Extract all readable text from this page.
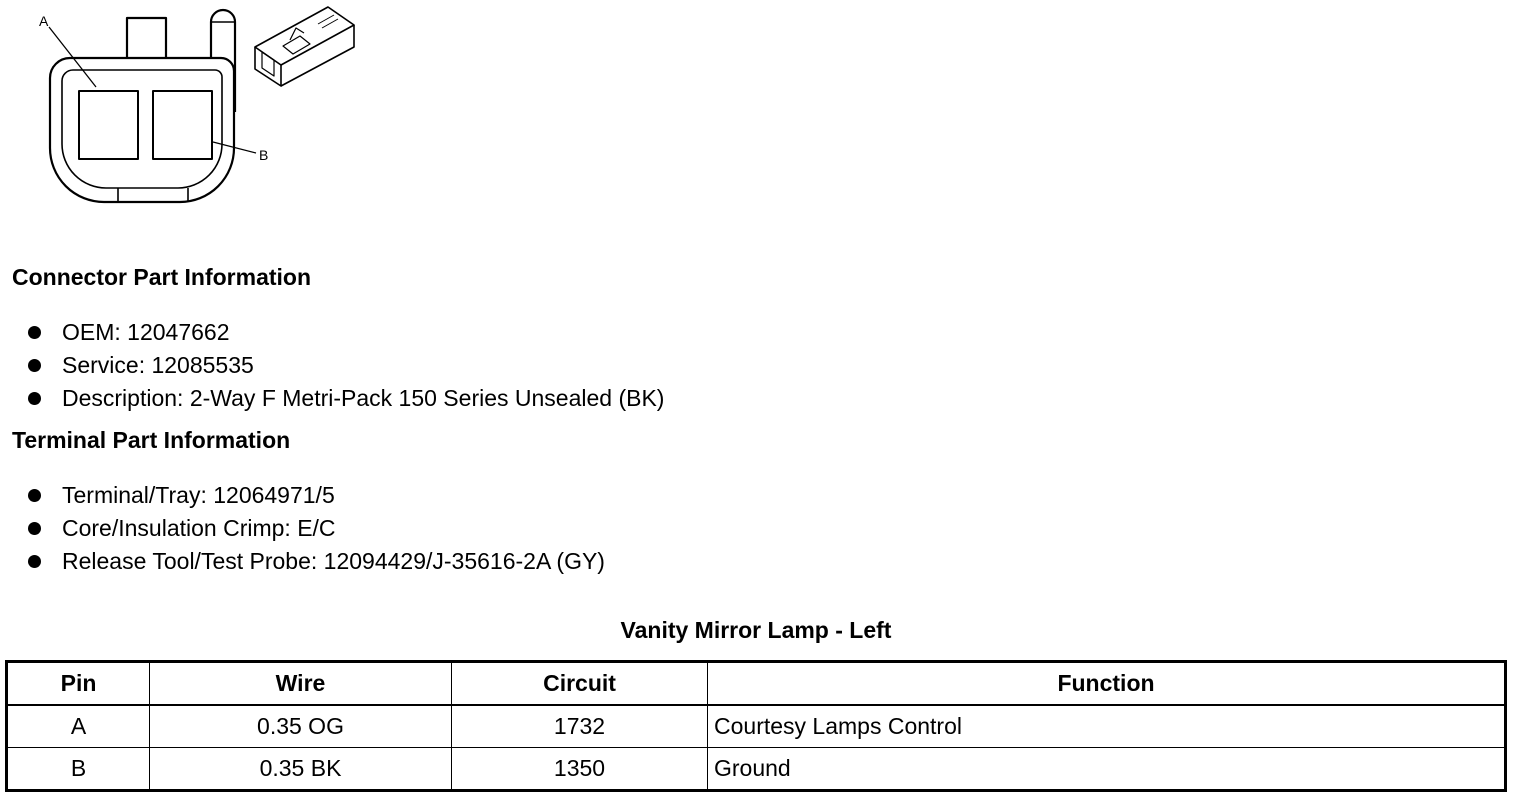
A
B
Connector Part Information
OEM: 12047662
Service: 12085535
Description: 2-Way F Metri-Pack 150 Series Unsealed (BK)
Terminal Part Information
Terminal/Tray: 12064971/5
Core/Insulation Crimp: E/C
Release Tool/Test Probe: 12094429/J-35616-2A (GY)
Vanity Mirror Lamp - Left
Pin	Wire	Circuit	Function
A	0.35 OG	1732	Courtesy Lamps Control
B	0.35 BK	1350	Ground
